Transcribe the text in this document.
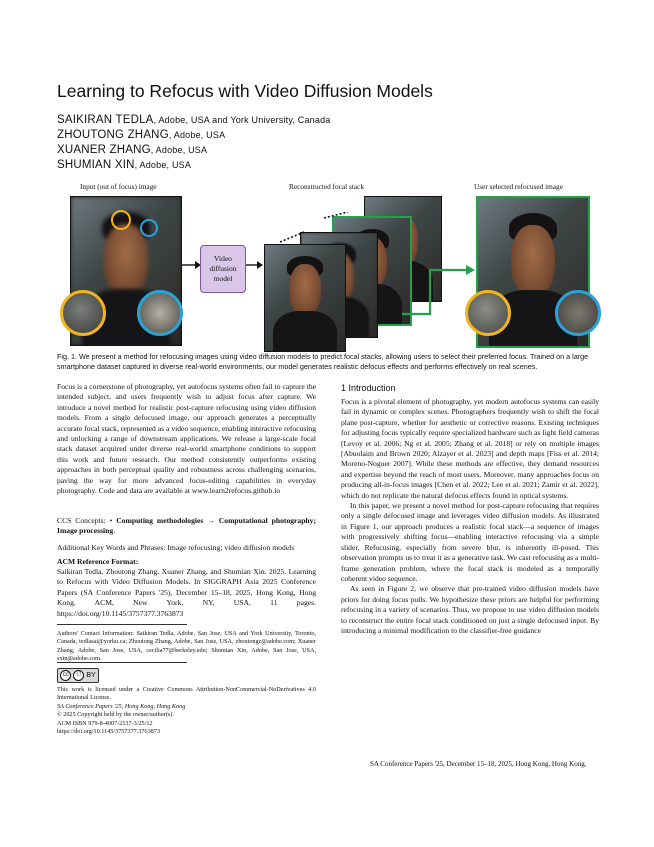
Learning to Refocus with Video Diffusion Models
SAIKIRAN TEDLA, Adobe, USA and York University, Canada
ZHOUTONG ZHANG, Adobe, USA
XUANER ZHANG, Adobe, USA
SHUMIAN XIN, Adobe, USA
Input (out of focus) image	Reconstructed focal stack	User selected refocused image
Video
diffusion
model
Fig. 1. We present a method for refocusing images using video diffusion models to predict focal stacks, allowing users to select their preferred focus. Trained on a large smartphone dataset captured in diverse real-world environments, our model generates realistic defocus effects and performs effectively on real scenes.

Focus is a cornerstone of photography, yet autofocus systems often fail to capture the intended subject, and users frequently wish to adjust focus after capture. We introduce a novel method for realistic post-capture refocusing using video diffusion models. From a single defocused image, our approach generates a perceptually accurate focal stack, represented as a video sequence, enabling interactive refocusing and unlocking a range of downstream applications. We release a large-scale focal stack dataset acquired under diverse real-world smartphone conditions to support this work and future research. Our method consistently outperforms existing approaches in both perceptual quality and robustness across challenging scenarios, paving the way for more advanced focus-editing capabilities in everyday photography. Code and data are available at www.learn2refocus.github.io

CCS Concepts: • Computing methodologies → Computational photography; Image processing.
Additional Key Words and Phrases: Image refocusing; video diffusion models
ACM Reference Format:
Saikiran Tedla, Zhoutong Zhang, Xuaner Zhang, and Shumian Xin. 2025. Learning to Refocus with Video Diffusion Models. In SIGGRAPH Asia 2025 Conference Papers (SA Conference Papers '25), December 15–18, 2025, Hong Kong, Hong Kong. ACM, New York, NY, USA, 11 pages. https://doi.org/10.1145/3757377.3763873
Authors' Contact Information: Saikiran Tedla, Adobe, San Jose, USA and York University, Toronto, Canada, tedlasai@yorku.ca; Zhoutong Zhang, Adobe, San Jose, USA, zhoutongz@adobe.com; Xuaner Zhang, Adobe, San Jose, USA, cecilia77@berkeley.edu; Shumian Xin, Adobe, San Jose, USA, sxin@adobe.com.
cc	⚇ BY
This work is licensed under a Creative Commons Attribution-NonCommercial-NoDerivatives 4.0 International License.
SA Conference Papers '25, Hong Kong, Hong Kong
© 2025 Copyright held by the owner/author(s).
ACM ISBN 979-8-4007-2137-3/25/12
https://doi.org/10.1145/3757377.3763873
1 Introduction

Focus is a pivotal element of photography, yet modern autofocus systems can easily fail in dynamic or complex scenes. Photographers frequently wish to shift the focal plane post-capture, whether for aesthetic or corrective reasons. Existing techniques for adjusting focus typically require specialized hardware such as light field cameras [Levoy et al. 2006; Ng et al. 2005; Zhang et al. 2018] or rely on multiple images [Abuolaim and Brown 2020; Alzayer et al. 2023] and depth maps [Fiss et al. 2014; Moreno-Noguer 2007]. While these methods are effective, they demand resources and expertise beyond the reach of most users. Moreover, many approaches focus on producing all-in-focus images [Chen et al. 2022; Lee et al. 2021; Zamir et al. 2022], which do not replicate the natural defocus effects found in optical systems.

In this paper, we present a novel method for post-capture refocusing that requires only a single defocused image and leverages video diffusion models. As illustrated in Figure 1, our approach produces a realistic focal stack—a sequence of images with progressively shifting focus—enabling interactive refocusing via a simple slider. Refocusing, especially from severe blur, is inherently ill-posed. This observation prompts us to treat it as a generative task. We cast refocusing as a multi-frame generation problem, where the focal stack is modeled as a temporally coherent video sequence.

As seen in Figure 2, we observe that pre-trained video diffusion models have priors for doing focus pulls. We hypothesize these priors are helpful for performing refocusing in a variety of scenarios. Thus, we propose to use video diffusion models to reconstruct the entire focal stack conditioned on just a single defocused input. By introducing a minimal modification to the classifier-free guidance

SA Conference Papers '25, December 15–18, 2025, Hong Kong, Hong Kong.
